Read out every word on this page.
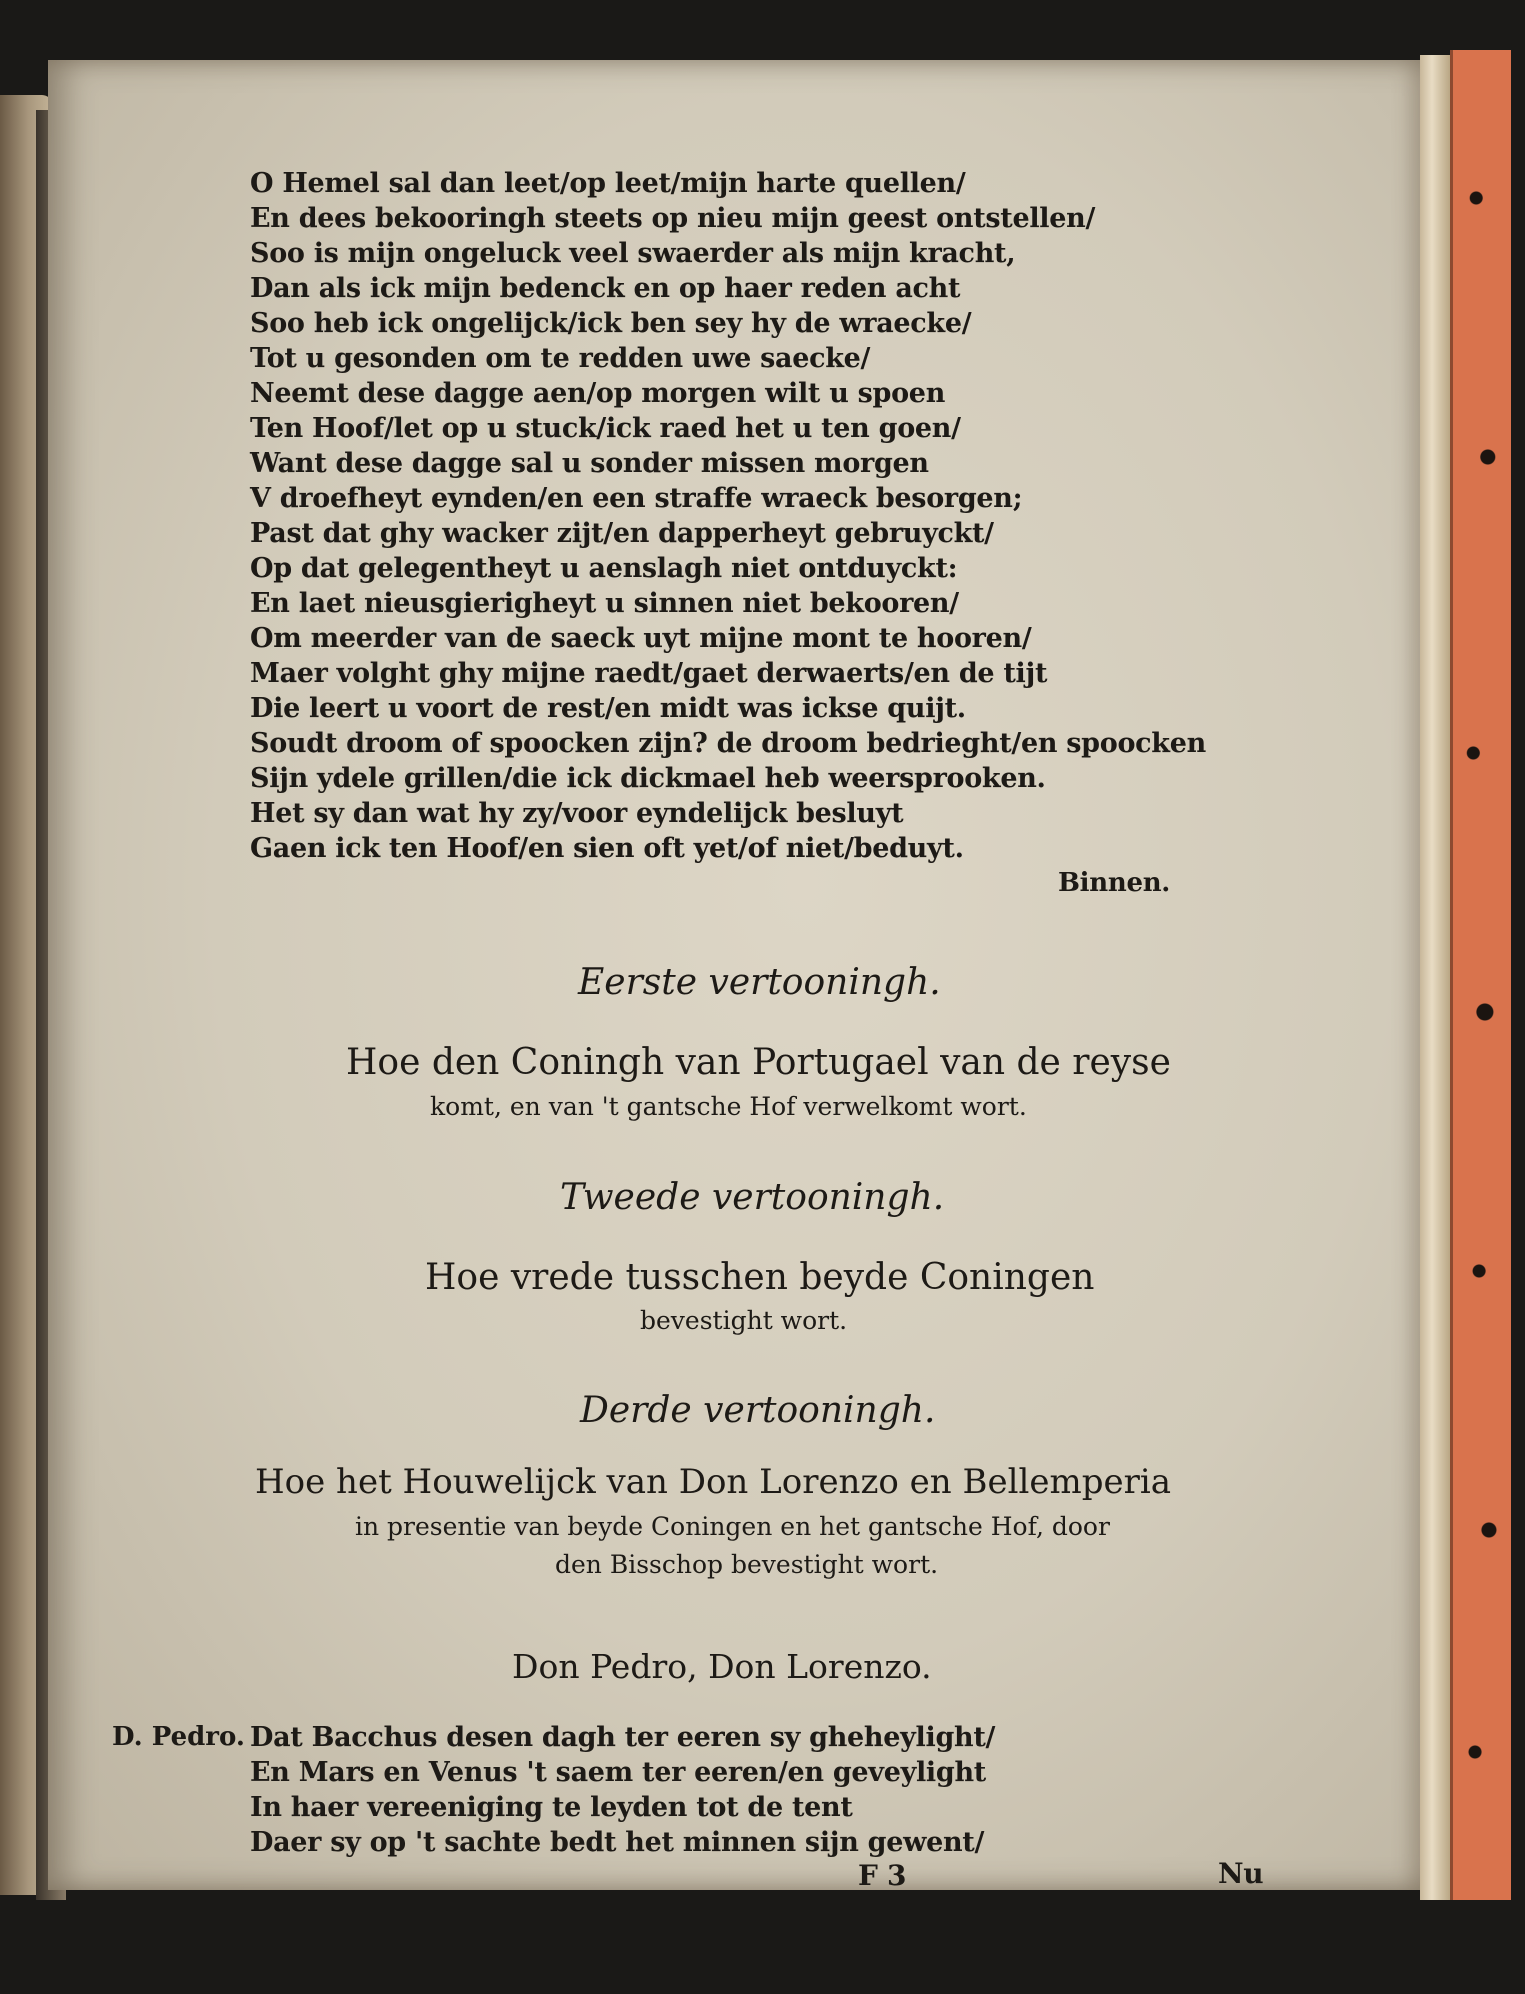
O Hemel sal dan leet/op leet/mijn harte quellen/

En dees bekooringh steets op nieu mijn geest ontstellen/

Soo is mijn ongeluck veel swaerder als mijn kracht,

Dan als ick mijn bedenck en op haer reden acht

Soo heb ick ongelijck/ick ben sey hy de wraecke/

Tot u gesonden om te redden uwe saecke/

Neemt dese dagge aen/op morgen wilt u spoen

Ten Hoof/let op u stuck/ick raed het u ten goen/

Want dese dagge sal u sonder missen morgen

V droefheyt eynden/en een straffe wraeck besorgen;

Past dat ghy wacker zijt/en dapperheyt gebruyckt/

Op dat gelegentheyt u aenslagh niet ontduyckt:

En laet nieusgierigheyt u sinnen niet bekooren/

Om meerder van de saeck uyt mijne mont te hooren/

Maer volght ghy mijne raedt/gaet derwaerts/en de tijt

Die leert u voort de rest/en midt was ickse quijt.

Soudt droom of spoocken zijn? de droom bedrieght/en spoocken

Sijn ydele grillen/die ick dickmael heb weersprooken.

Het sy dan wat hy zy/voor eyndelijck besluyt

Gaen ick ten Hoof/en sien oft yet/of niet/beduyt.

Binnen.

Eerste vertooningh.

Hoe den Coningh van Portugael van de reyse

komt, en van 't gantsche Hof verwelkomt wort.

Tweede vertooningh.

Hoe vrede tusschen beyde Coningen

bevestight wort.

Derde vertooningh.

Hoe het Houwelijck van Don Lorenzo en Bellemperia

in presentie van beyde Coningen en het gantsche Hof, door

den Bisschop bevestight wort.

Don Pedro, Don Lorenzo.

D. Pedro. Dat Bacchus desen dagh ter eeren sy gheheylight/

En Mars en Venus 't saem ter eeren/en geveylight

In haer vereeniging te leyden tot de tent

Daer sy op 't sachte bedt het minnen sijn gewent/

F 3	Nu
